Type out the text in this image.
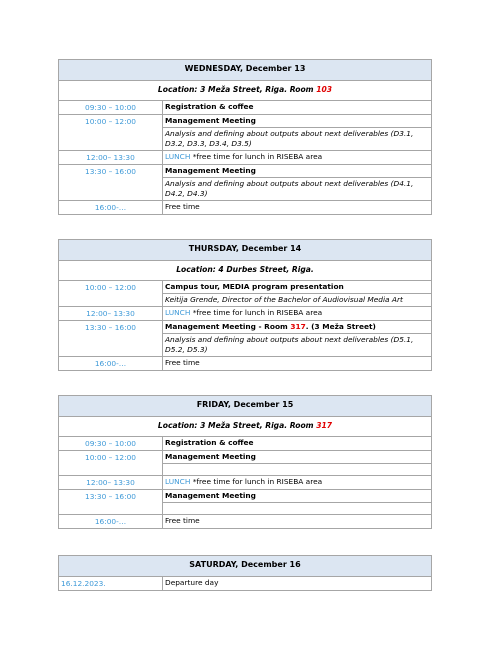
WEDNESDAY, December 13	
Location: 3 Meža Street, Riga. Room 103	
09:30 – 10:00	Registration & coffee
10:00 – 12:00	Management Meeting
	Analysis and defining about outputs about next deliverables (D3.1, D3.2, D3.3, D3.4, D3.5)
12:00– 13:30	LUNCH *free time for lunch in RISEBA area
13:30 – 16:00	Management Meeting
	Analysis and defining about outputs about next deliverables (D4.1, D4.2, D4.3)
16:00-…	Free time
THURSDAY, December 14	
Location: 4 Durbes Street, Riga.	
10:00 – 12:00	Campus tour, MEDIA program presentation
	Keitija Grende, Director of the Bachelor of Audiovisual Media Art
12:00– 13:30	LUNCH *free time for lunch in RISEBA area
13:30 – 16:00	Management Meeting - Room 317. (3 Meža Street)
	Analysis and defining about outputs about next deliverables (D5.1, D5.2, D5.3)
16:00-…	Free time
FRIDAY, December 15	
Location: 3 Meža Street, Riga. Room 317	
09:30 – 10:00	Registration & coffee
10:00 – 12:00	Management Meeting

12:00– 13:30	LUNCH *free time for lunch in RISEBA area
13:30 – 16:00	Management Meeting

16:00-…	Free time
SATURDAY, December 16
16.12.2023.	Departure day
